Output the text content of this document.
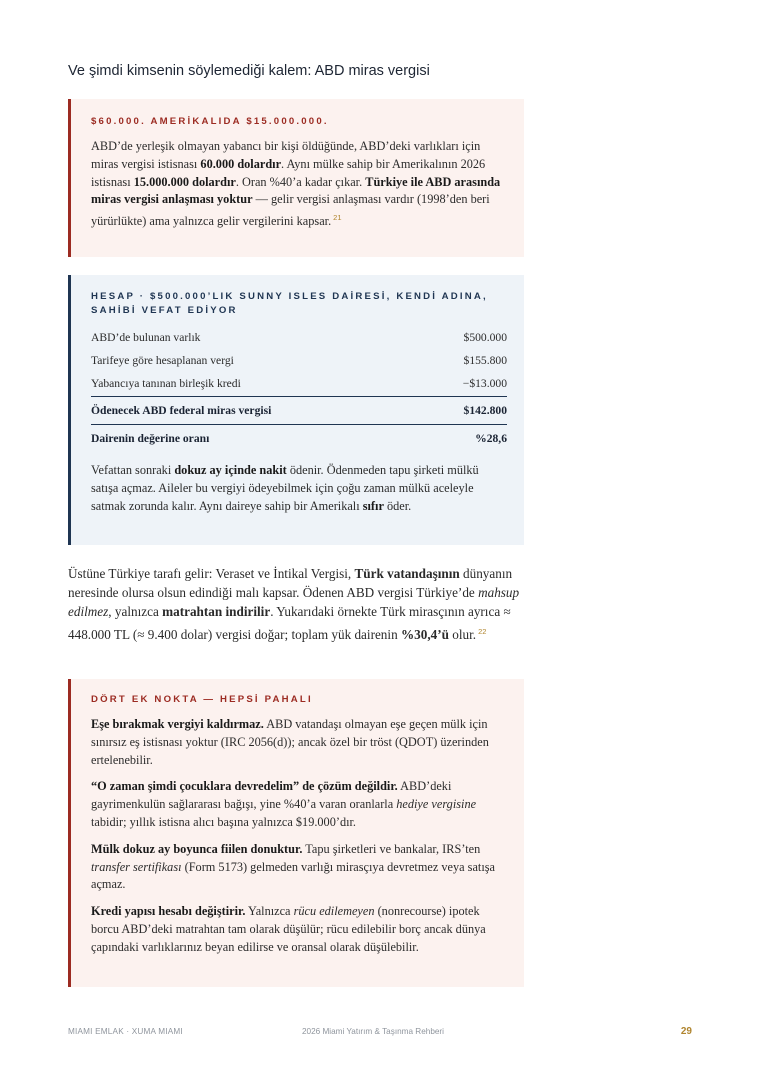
Ve şimdi kimsenin söylemediği kalem: ABD miras vergisi
$60.000. AMERİKALIDA $15.000.000.

ABD’de yerleşik olmayan yabancı bir kişi öldüğünde, ABD’deki varlıkları için miras vergisi istisnası 60.000 dolardır. Aynı mülke sahip bir Amerikalının 2026 istisnası 15.000.000 dolardır. Oran %40’a kadar çıkar. Türkiye ile ABD arasında miras vergisi anlaşması yoktur — gelir vergisi anlaşması vardır (1998’den beri yürürlükte) ama yalnızca gelir vergilerini kapsar. $^{21}$

HESAP · $500.000’LIK SUNNY ISLES DAİRESİ, KENDİ ADINA, SAHİBİ VEFAT EDİYOR
ABD’de bulunan varlık	$500.000
Tarifeye göre hesaplanan vergi	$155.800
Yabancıya tanınan birleşik kredi	−$13.000
Ödenecek ABD federal miras vergisi	$142.800
Dairenin değerine oranı	%28,6

Vefattan sonraki dokuz ay içinde nakit ödenir. Ödenmeden tapu şirketi mülkü satışa açmaz. Aileler bu vergiyi ödeyebilmek için çoğu zaman mülkü aceleyle satmak zorunda kalır. Aynı daireye sahip bir Amerikalı sıfır öder.

Üstüne Türkiye tarafı gelir: Veraset ve İntikal Vergisi, Türk vatandaşının dünyanın neresinde olursa olsun edindiği malı kapsar. Ödenen ABD vergisi Türkiye’de mahsup edilmez, yalnızca matrahtan indirilir. Yukarıdaki örnekte Türk mirasçının ayrıca ≈ 448.000 TL (≈ 9.400 dolar) vergisi doğar; toplam yük dairenin %30,4’ü olur. $^{22}$
DÖRT EK NOKTA — HEPSİ PAHALI

Eşe bırakmak vergiyi kaldırmaz. ABD vatandaşı olmayan eşe geçen mülk için sınırsız eş istisnası yoktur (IRC 2056(d)); ancak özel bir tröst (QDOT) üzerinden ertelenebilir.

“O zaman şimdi çocuklara devredelim” de çözüm değildir. ABD’deki gayrimenkulün sağlararası bağışı, yine %40’a varan oranlarla hediye vergisine tabidir; yıllık istisna alıcı başına yalnızca $19.000’dır.

Mülk dokuz ay boyunca fiilen donuktur. Tapu şirketleri ve bankalar, IRS’ten transfer sertifikası (Form 5173) gelmeden varlığı mirasçıya devretmez veya satışa açmaz.

Kredi yapısı hesabı değiştirir. Yalnızca rücu edilemeyen (nonrecourse) ipotek borcu ABD’deki matrahtan tam olarak düşülür; rücu edilebilir borç ancak dünya çapındaki varlıklarınız beyan edilirse ve oransal olarak düşülebilir.

MIAMI EMLAK · XUMA MIAMI	2026 Miami Yatırım & Taşınma Rehberi	29
